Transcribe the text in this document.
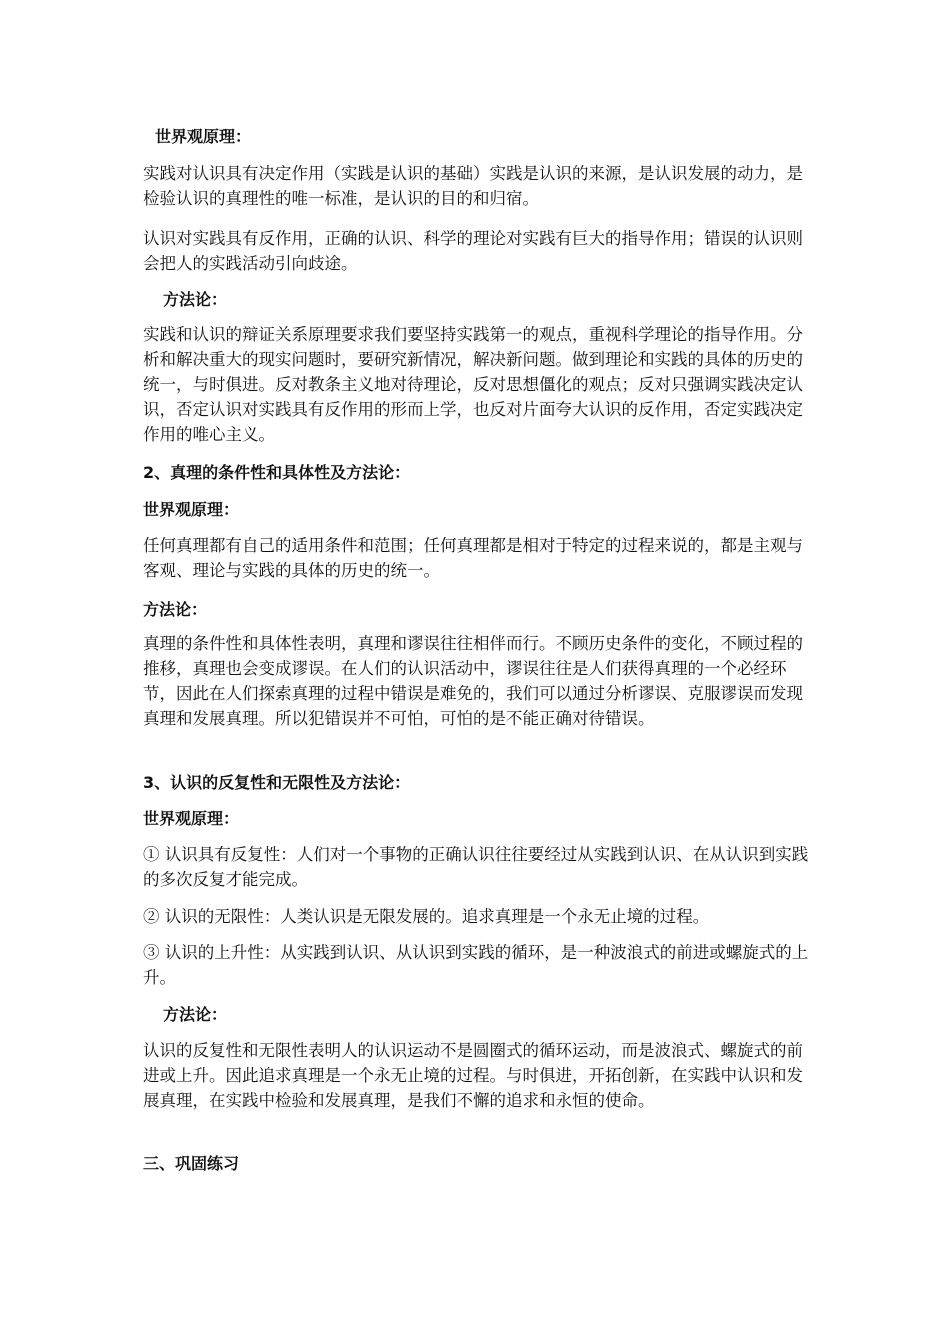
世界观原理：

实践对认识具有决定作用（实践是认识的基础）实践是认识的来源，是认识发展的动力，是检验认识的真理性的唯一标准，是认识的目的和归宿。

认识对实践具有反作用，正确的认识、科学的理论对实践有巨大的指导作用；错误的认识则会把人的实践活动引向歧途。

方法论：

实践和认识的辩证关系原理要求我们要坚持实践第一的观点，重视科学理论的指导作用。分析和解决重大的现实问题时，要研究新情况，解决新问题。做到理论和实践的具体的历史的统一，与时俱进。反对教条主义地对待理论，反对思想僵化的观点；反对只强调实践决定认识，否定认识对实践具有反作用的形而上学，也反对片面夸大认识的反作用，否定实践决定作用的唯心主义。

2、真理的条件性和具体性及方法论：

世界观原理：

任何真理都有自己的适用条件和范围；任何真理都是相对于特定的过程来说的，都是主观与客观、理论与实践的具体的历史的统一。

方法论：

真理的条件性和具体性表明，真理和谬误往往相伴而行。不顾历史条件的变化，不顾过程的推移，真理也会变成谬误。在人们的认识活动中，谬误往往是人们获得真理的一个必经环节，因此在人们探索真理的过程中错误是难免的，我们可以通过分析谬误、克服谬误而发现真理和发展真理。所以犯错误并不可怕，可怕的是不能正确对待错误。

3、认识的反复性和无限性及方法论：

世界观原理：

① 认识具有反复性：人们对一个事物的正确认识往往要经过从实践到认识、在从认识到实践的多次反复才能完成。

② 认识的无限性：人类认识是无限发展的。追求真理是一个永无止境的过程。

③ 认识的上升性：从实践到认识、从认识到实践的循环，是一种波浪式的前进或螺旋式的上升。

方法论：

认识的反复性和无限性表明人的认识运动不是圆圈式的循环运动，而是波浪式、螺旋式的前进或上升。因此追求真理是一个永无止境的过程。与时俱进，开拓创新，在实践中认识和发展真理，在实践中检验和发展真理，是我们不懈的追求和永恒的使命。

三、巩固练习
